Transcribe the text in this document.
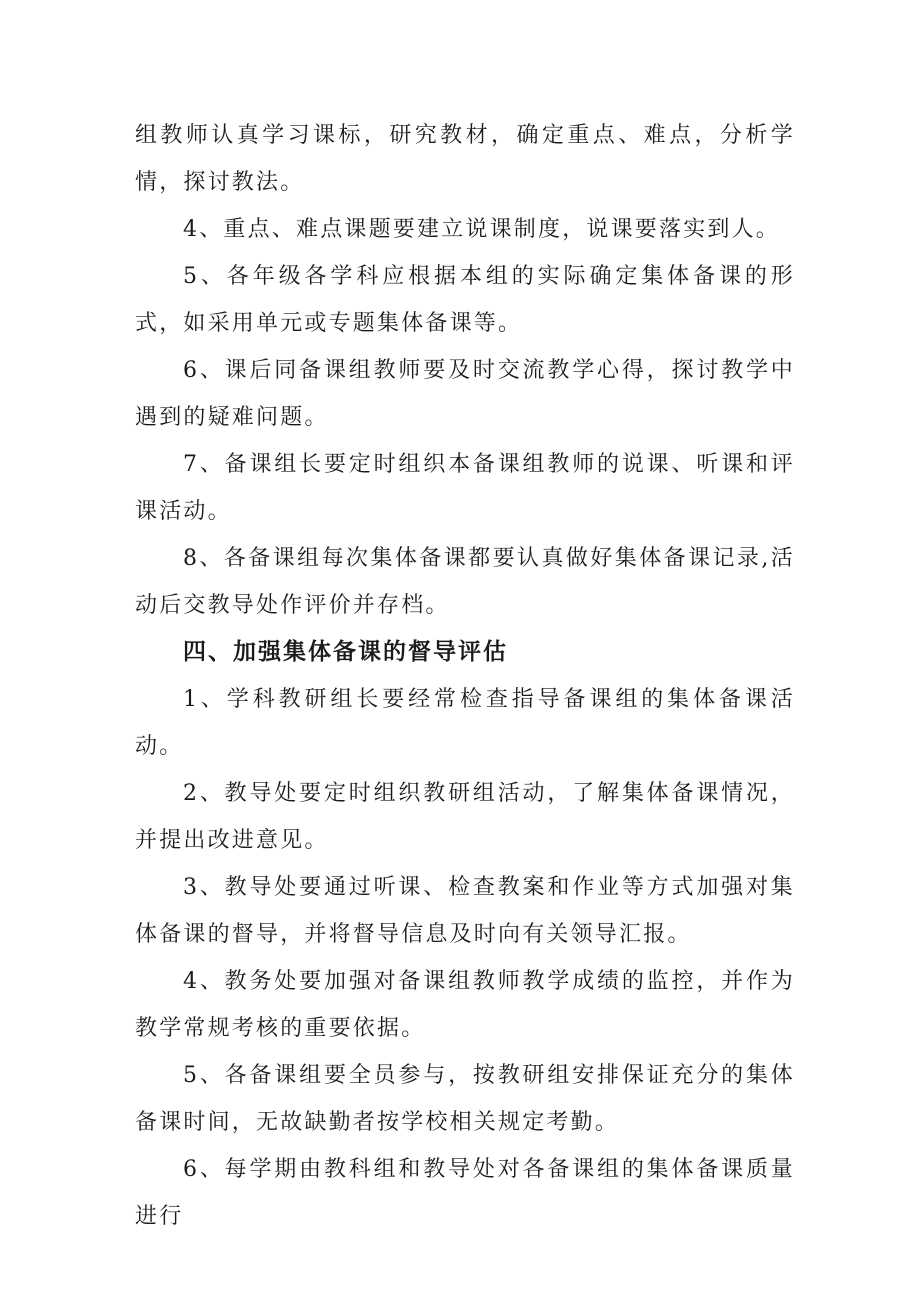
组教师认真学习课标，研究教材，确定重点、难点，分析学情，探讨教法。

4、重点、难点课题要建立说课制度，说课要落实到人。

5、各年级各学科应根据本组的实际确定集体备课的形式，如采用单元或专题集体备课等。

6、课后同备课组教师要及时交流教学心得，探讨教学中遇到的疑难问题。

7、备课组长要定时组织本备课组教师的说课、听课和评课活动。

8、各备课组每次集体备课都要认真做好集体备课记录,活动后交教导处作评价并存档。

四、加强集体备课的督导评估

1、学科教研组长要经常检查指导备课组的集体备课活动。

2、教导处要定时组织教研组活动，了解集体备课情况，并提出改进意见。

3、教导处要通过听课、检查教案和作业等方式加强对集体备课的督导，并将督导信息及时向有关领导汇报。

4、教务处要加强对备课组教师教学成绩的监控，并作为教学常规考核的重要依据。

5、各备课组要全员参与，按教研组安排保证充分的集体备课时间，无故缺勤者按学校相关规定考勤。

6、每学期由教科组和教导处对各备课组的集体备课质量进行
